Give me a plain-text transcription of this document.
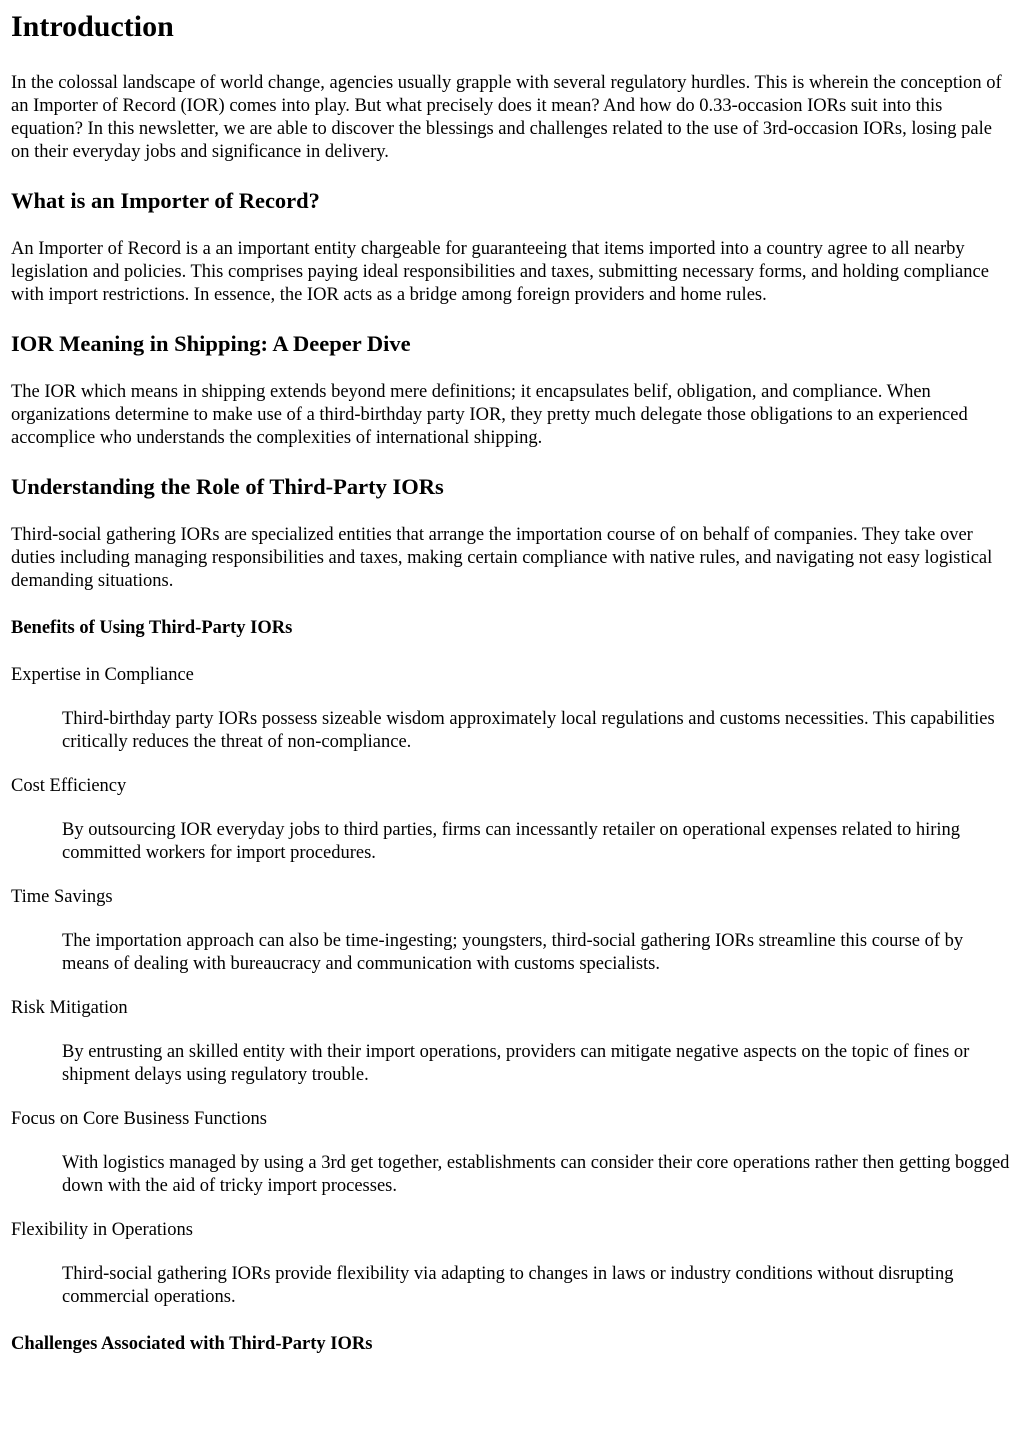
Introduction

In the colossal landscape of world change, agencies usually grapple with several regulatory hurdles. This is wherein the conception of an Importer of Record (IOR) comes into play. But what precisely does it mean? And how do 0.33-occasion IORs suit into this equation? In this newsletter, we are able to discover the blessings and challenges related to the use of 3rd-occasion IORs, losing pale on their everyday jobs and significance in delivery.

What is an Importer of Record?

An Importer of Record is a an important entity chargeable for guaranteeing that items imported into a country agree to all nearby legislation and policies. This comprises paying ideal responsibilities and taxes, submitting necessary forms, and holding compliance with import restrictions. In essence, the IOR acts as a bridge among foreign providers and home rules.

IOR Meaning in Shipping: A Deeper Dive

The IOR which means in shipping extends beyond mere definitions; it encapsulates belif, obligation, and compliance. When organizations determine to make use of a third-birthday party IOR, they pretty much delegate those obligations to an experienced accomplice who understands the complexities of international shipping.

Understanding the Role of Third-Party IORs

Third-social gathering IORs are specialized entities that arrange the importation course of on behalf of companies. They take over duties including managing responsibilities and taxes, making certain compliance with native rules, and navigating not easy logistical demanding situations.

Benefits of Using Third-Party IORs
Expertise in Compliance
Third-birthday party IORs possess sizeable wisdom approximately local regulations and customs necessities. This capabilities critically reduces the threat of non-compliance.
Cost Efficiency
By outsourcing IOR everyday jobs to third parties, firms can incessantly retailer on operational expenses related to hiring committed workers for import procedures.
Time Savings
The importation approach can also be time-ingesting; youngsters, third-social gathering IORs streamline this course of by means of dealing with bureaucracy and communication with customs specialists.
Risk Mitigation
By entrusting an skilled entity with their import operations, providers can mitigate negative aspects on the topic of fines or shipment delays using regulatory trouble.
Focus on Core Business Functions
With logistics managed by using a 3rd get together, establishments can consider their core operations rather then getting bogged down with the aid of tricky import processes.
Flexibility in Operations
Third-social gathering IORs provide flexibility via adapting to changes in laws or industry conditions without disrupting commercial operations.
Challenges Associated with Third-Party IORs
